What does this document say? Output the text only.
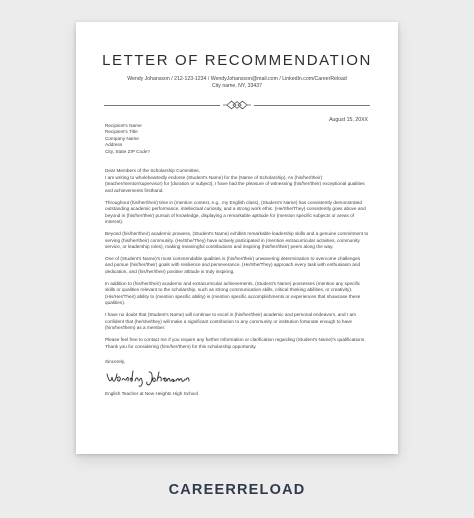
LETTER OF RECOMMENDATION
Wendy Johansson / 212-123-1234 / WendyJohansson@mail.com / LinkedIn.com/CareerReload
City name, NY, 33437
August 15, 20XX
Recipient's Name
Recipient's Title
Company Name
Address
City, State ZIP Code?

Dear Members of the Scholarship Committee,
I am writing to wholeheartedly endorse (Student's Name) for the (Name of Scholarship). As (his/her/their) (teacher/mentor/supervisor) for (duration or subject), I have had the pleasure of witnessing (his/her/their) exceptional qualities and achievements firsthand.

Throughout (his/her/their) time in (mention context, e.g., my English class), (Student's Name) has consistently demonstrated outstanding academic performance, intellectual curiosity, and a strong work ethic. (He/She/They) consistently goes above and beyond in (his/her/their) pursuit of knowledge, displaying a remarkable aptitude for (mention specific subjects or areas of interest).

Beyond (his/her/their) academic prowess, (Student's Name) exhibits remarkable leadership skills and a genuine commitment to serving (his/her/their) community. (He/She/They) have actively participated in (mention extracurricular activities, community service, or leadership roles), making meaningful contributions and inspiring (his/her/their) peers along the way.

One of (Student's Name)'s most commendable qualities is (his/her/their) unwavering determination to overcome challenges and pursue (his/her/their) goals with resilience and perseverance. (He/She/They) approach every task with enthusiasm and dedication, and (his/her/their) positive attitude is truly inspiring.

In addition to (his/her/their) academic and extracurricular achievements, (Student's Name) possesses (mention any specific skills or qualities relevant to the scholarship, such as strong communication skills, critical thinking abilities, or creativity). (His/Her/Their) ability to (mention specific ability) is (mention specific accomplishments or experiences that showcase these qualities).

I have no doubt that (Student's Name) will continue to excel in (his/her/their) academic and personal endeavors, and I am confident that (he/she/they) will make a significant contribution to any community or institution fortunate enough to have (him/her/them) as a member.

Please feel free to contact me if you require any further information or clarification regarding (Student's Name)'s qualifications. Thank you for considering (him/her/them) for this scholarship opportunity.

Sincerely,

English Teacher at New Heights High School
CAREERRELOAD
